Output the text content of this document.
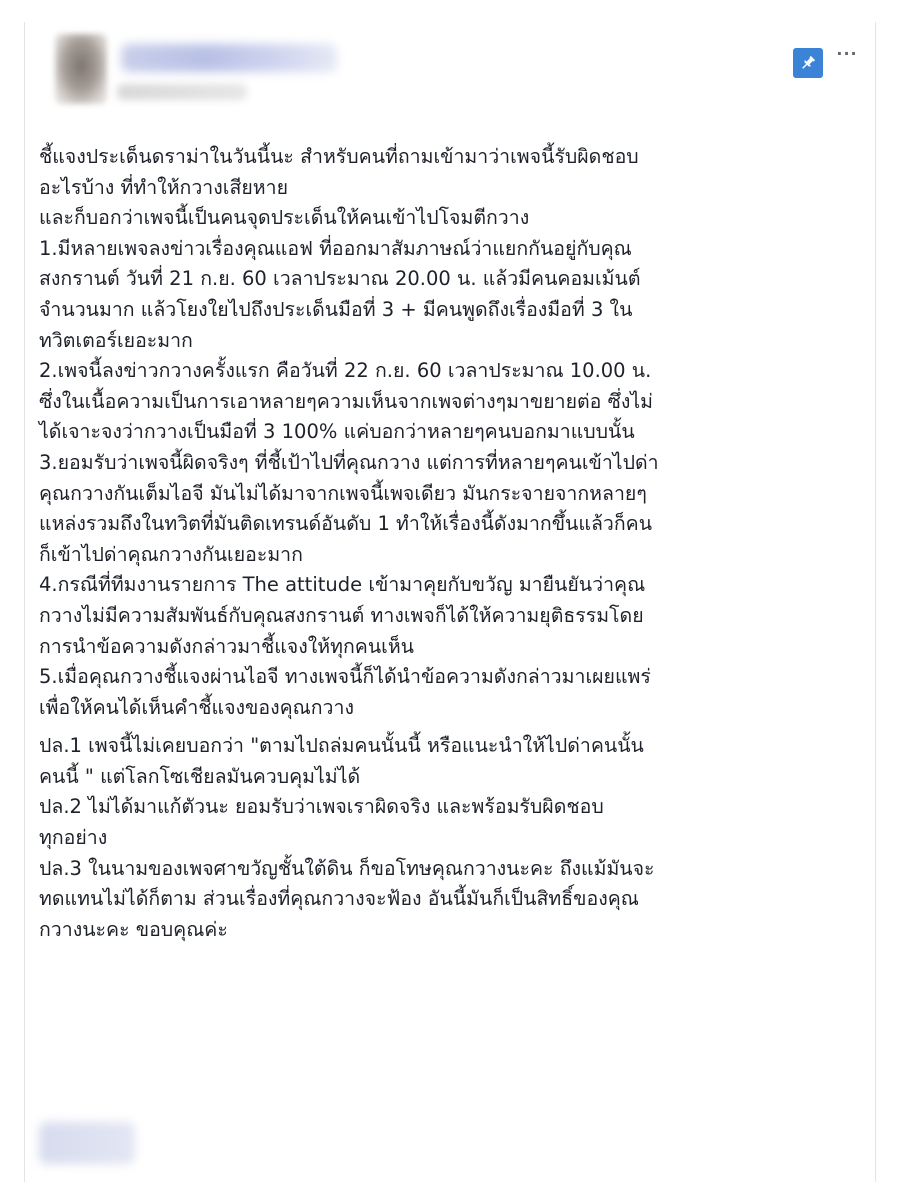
···
ชี้แจงประเด็นดราม่าในวันนี้นะ สำหรับคนที่ถามเข้ามาว่าเพจนี้รับผิดชอบ
อะไรบ้าง ที่ทำให้กวางเสียหาย
และก็บอกว่าเพจนี้เป็นคนจุดประเด็นให้คนเข้าไปโจมตีกวาง
1.มีหลายเพจลงข่าวเรื่องคุณแอฟ ที่ออกมาสัมภาษณ์ว่าแยกกันอยู่กับคุณ
สงกรานต์ วันที่ 21 ก.ย. 60 เวลาประมาณ 20.00 น. แล้วมีคนคอมเม้นต์
จำนวนมาก แล้วโยงใยไปถึงประเด็นมือที่ 3 + มีคนพูดถึงเรื่องมือที่ 3 ใน
ทวิตเตอร์เยอะมาก
2.เพจนี้ลงข่าวกวางครั้งแรก คือวันที่ 22 ก.ย. 60 เวลาประมาณ 10.00 น.
ซึ่งในเนื้อความเป็นการเอาหลายๆความเห็นจากเพจต่างๆมาขยายต่อ ซึ่งไม่
ได้เจาะจงว่ากวางเป็นมือที่ 3 100% แค่บอกว่าหลายๆคนบอกมาแบบนั้น
3.ยอมรับว่าเพจนี้ผิดจริงๆ ที่ชี้เป้าไปที่คุณกวาง แต่การที่หลายๆคนเข้าไปด่า
คุณกวางกันเต็มไอจี มันไม่ได้มาจากเพจนี้เพจเดียว มันกระจายจากหลายๆ
แหล่งรวมถึงในทวิตที่มันติดเทรนด์อันดับ 1 ทำให้เรื่องนี้ดังมากขึ้นแล้วก็คน
ก็เข้าไปด่าคุณกวางกันเยอะมาก
4.กรณีที่ทีมงานรายการ The attitude เข้ามาคุยกับขวัญ มายืนยันว่าคุณ
กวางไม่มีความสัมพันธ์กับคุณสงกรานต์ ทางเพจก็ได้ให้ความยุติธรรมโดย
การนำข้อความดังกล่าวมาชี้แจงให้ทุกคนเห็น
5.เมื่อคุณกวางชี้แจงผ่านไอจี ทางเพจนี้ก็ได้นำข้อความดังกล่าวมาเผยแพร่
เพื่อให้คนได้เห็นคำชี้แจงของคุณกวาง
ปล.1 เพจนี้ไม่เคยบอกว่า "ตามไปถล่มคนนั้นนี้ หรือแนะนำให้ไปด่าคนนั้น
คนนี้ " แต่โลกโซเชียลมันควบคุมไม่ได้
ปล.2 ไม่ได้มาแก้ตัวนะ ยอมรับว่าเพจเราผิดจริง และพร้อมรับผิดชอบ
ทุกอย่าง
ปล.3 ในนามของเพจศาขวัญชั้นใต้ดิน ก็ขอโทษคุณกวางนะคะ ถึงแม้มันจะ
ทดแทนไม่ได้ก็ตาม ส่วนเรื่องที่คุณกวางจะฟ้อง อันนี้มันก็เป็นสิทธิ์ของคุณ
กวางนะคะ ขอบคุณค่ะ
